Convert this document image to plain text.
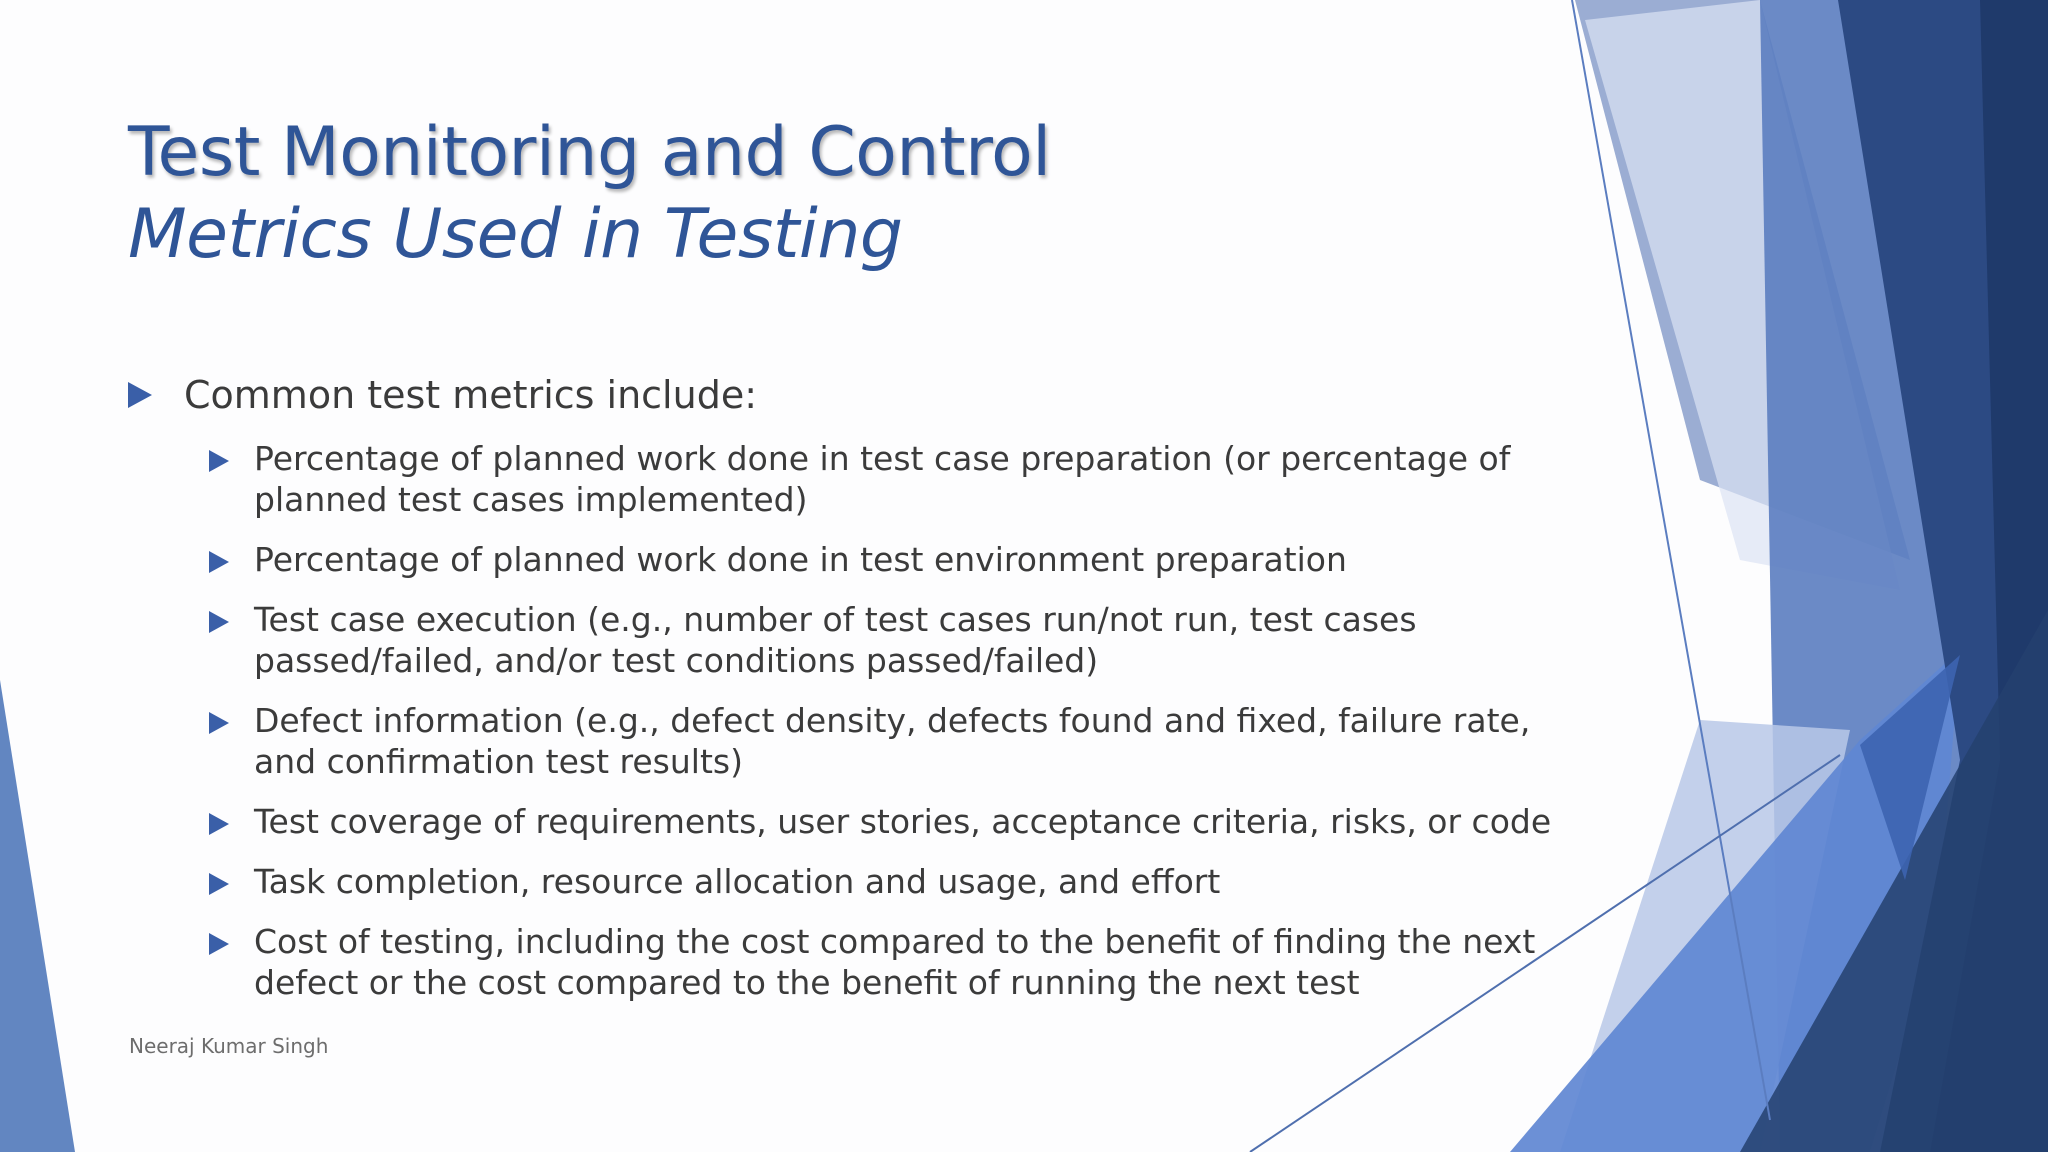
Test Monitoring and Control
Metrics Used in Testing
Common test metrics include:
Percentage of planned work done in test case preparation (or percentage of planned test cases implemented)
Percentage of planned work done in test environment preparation
Test case execution (e.g., number of test cases run/not run, test cases passed/failed, and/or test conditions passed/failed)
Defect information (e.g., defect density, defects found and fixed, failure rate, and confirmation test results)
Test coverage of requirements, user stories, acceptance criteria, risks, or code
Task completion, resource allocation and usage, and effort
Cost of testing, including the cost compared to the benefit of finding the next defect or the cost compared to the benefit of running the next test
Neeraj Kumar Singh
